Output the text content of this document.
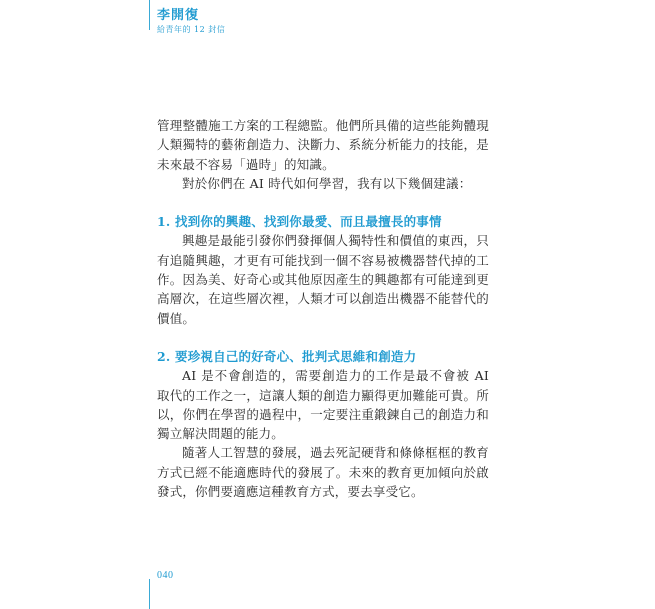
李開復
給青年的 12 封信

管理整體施工方案的工程總監。他們所具備的這些能夠體現人類獨特的藝術創造力、決斷力、系統分析能力的技能，是未來最不容易「過時」的知識。

對於你們在 AI 時代如何學習，我有以下幾個建議：

1. 找到你的興趣、找到你最愛、而且最擅長的事情

興趣是最能引發你們發揮個人獨特性和價值的東西，只有追隨興趣，才更有可能找到一個不容易被機器替代掉的工作。因為美、好奇心或其他原因產生的興趣都有可能達到更高層次，在這些層次裡，人類才可以創造出機器不能替代的價值。

2. 要珍視自己的好奇心、批判式思維和創造力

AI 是不會創造的，需要創造力的工作是最不會被 AI 取代的工作之一，這讓人類的創造力顯得更加難能可貴。所以，你們在學習的過程中，一定要注重鍛鍊自己的創造力和獨立解決問題的能力。

隨著人工智慧的發展，過去死記硬背和條條框框的教育方式已經不能適應時代的發展了。未來的教育更加傾向於啟發式，你們要適應這種教育方式，要去享受它。

040
